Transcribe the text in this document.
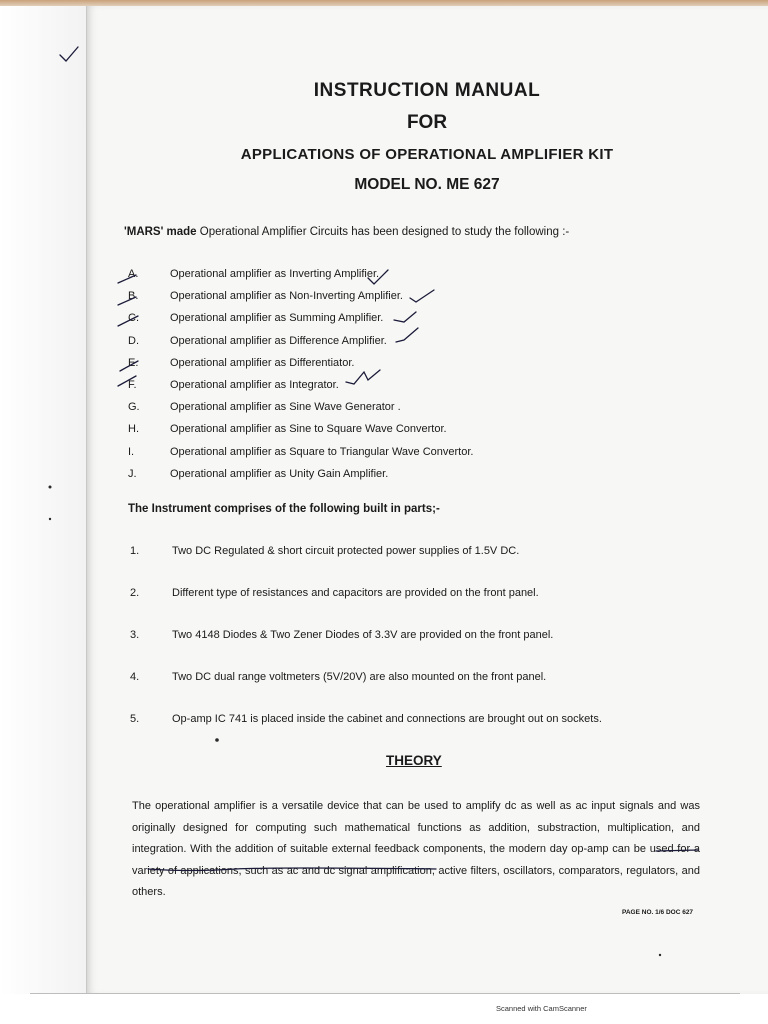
INSTRUCTION MANUAL
FOR
APPLICATIONS OF OPERATIONAL AMPLIFIER KIT
MODEL NO. ME 627
'MARS' made Operational Amplifier Circuits has been designed to study the following :-
A.	Operational amplifier as Inverting Amplifier.
B.	Operational amplifier as Non-Inverting Amplifier.
C.	Operational amplifier as Summing Amplifier.
D.	Operational amplifier as Difference Amplifier.
E.	Operational amplifier as Differentiator.
F.	Operational amplifier as Integrator.
G.	Operational amplifier as Sine Wave Generator .
H.	Operational amplifier as Sine to Square Wave Convertor.
I.	Operational amplifier as Square to Triangular Wave Convertor.
J.	Operational amplifier as Unity Gain Amplifier.
The Instrument comprises of the following built in parts;-
1.	Two DC Regulated & short circuit protected power supplies of 1.5V DC.
2.	Different type of resistances and capacitors are provided on the front panel.
3.	Two 4148 Diodes & Two Zener Diodes of 3.3V are provided on the front panel.
4.	Two DC dual range voltmeters (5V/20V) are also mounted on the front panel.
5.	Op-amp IC 741 is placed inside the cabinet and connections are brought out on sockets.
THEORY
The operational amplifier is a versatile device that can be used to amplify dc as well as ac input signals and was originally designed for computing such mathematical functions as addition, substraction, multiplication, and integration. With the addition of suitable external feedback components, the modern day op-amp can be used for a variety of applications, such as ac and dc signal amplification, active filters, oscillators, comparators, regulators, and others.
PAGE NO. 1/6 DOC 627
Scanned with CamScanner
